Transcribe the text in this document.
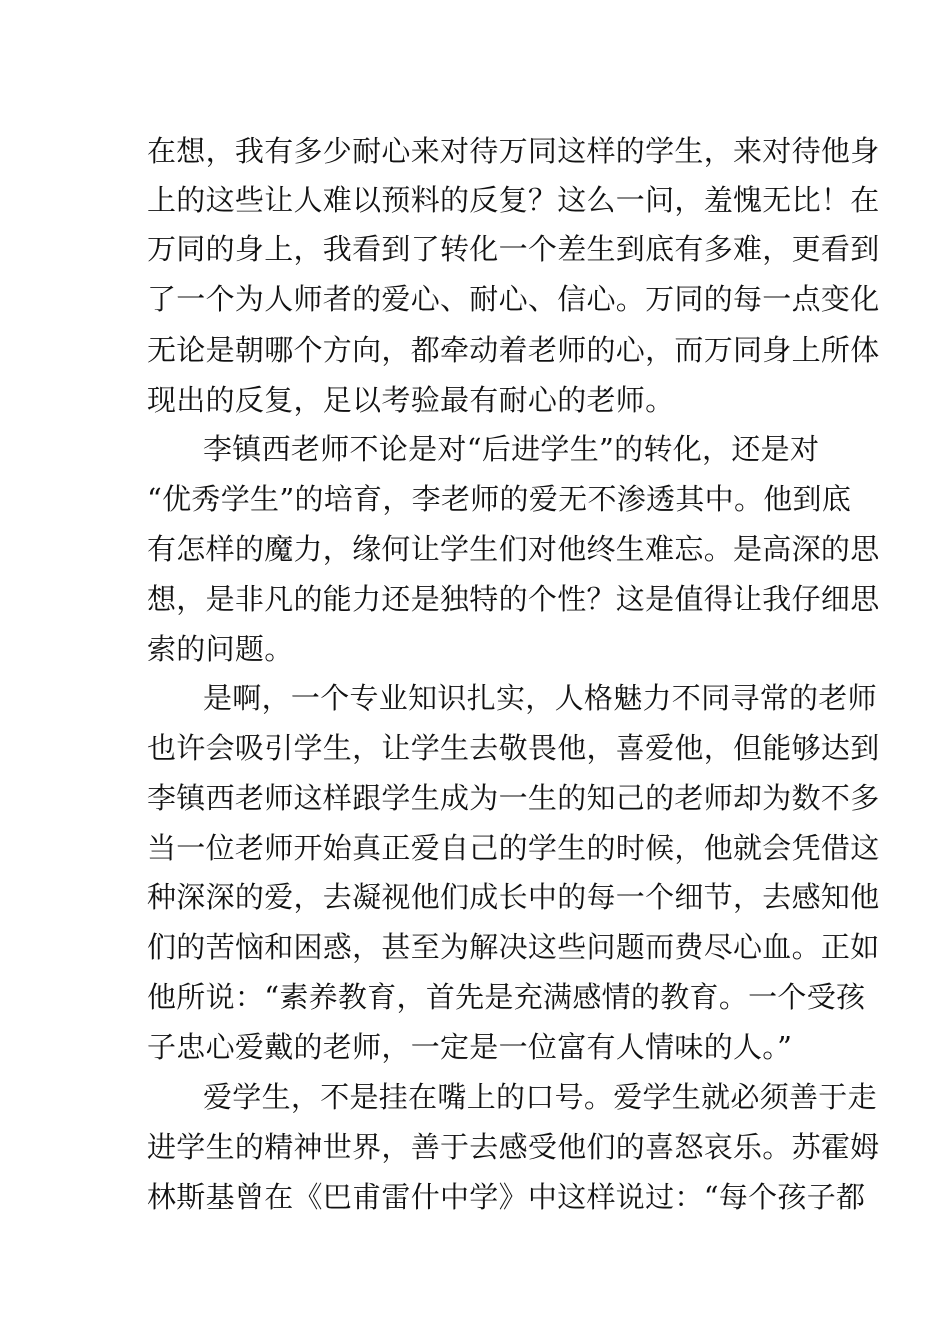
在想，我有多少耐心来对待万同这样的学生，来对待他身
上的这些让人难以预料的反复？这么一问，羞愧无比！在
万同的身上，我看到了转化一个差生到底有多难，更看到
了一个为人师者的爱心、耐心、信心。万同的每一点变化
无论是朝哪个方向，都牵动着老师的心，而万同身上所体
现出的反复，足以考验最有耐心的老师。
李镇西老师不论是对“后进学生”的转化，还是对
“优秀学生”的培育，李老师的爱无不渗透其中。他到底
有怎样的魔力，缘何让学生们对他终生难忘。是高深的思
想，是非凡的能力还是独特的个性？这是值得让我仔细思
索的问题。
是啊，一个专业知识扎实，人格魅力不同寻常的老师
也许会吸引学生，让学生去敬畏他，喜爱他，但能够达到
李镇西老师这样跟学生成为一生的知己的老师却为数不多
当一位老师开始真正爱自己的学生的时候，他就会凭借这
种深深的爱，去凝视他们成长中的每一个细节，去感知他
们的苦恼和困惑，甚至为解决这些问题而费尽心血。正如
他所说：“素养教育，首先是充满感情的教育。一个受孩
子忠心爱戴的老师，一定是一位富有人情味的人。”
爱学生，不是挂在嘴上的口号。爱学生就必须善于走
进学生的精神世界，善于去感受他们的喜怒哀乐。苏霍姆
林斯基曾在《巴甫雷什中学》中这样说过：“每个孩子都
